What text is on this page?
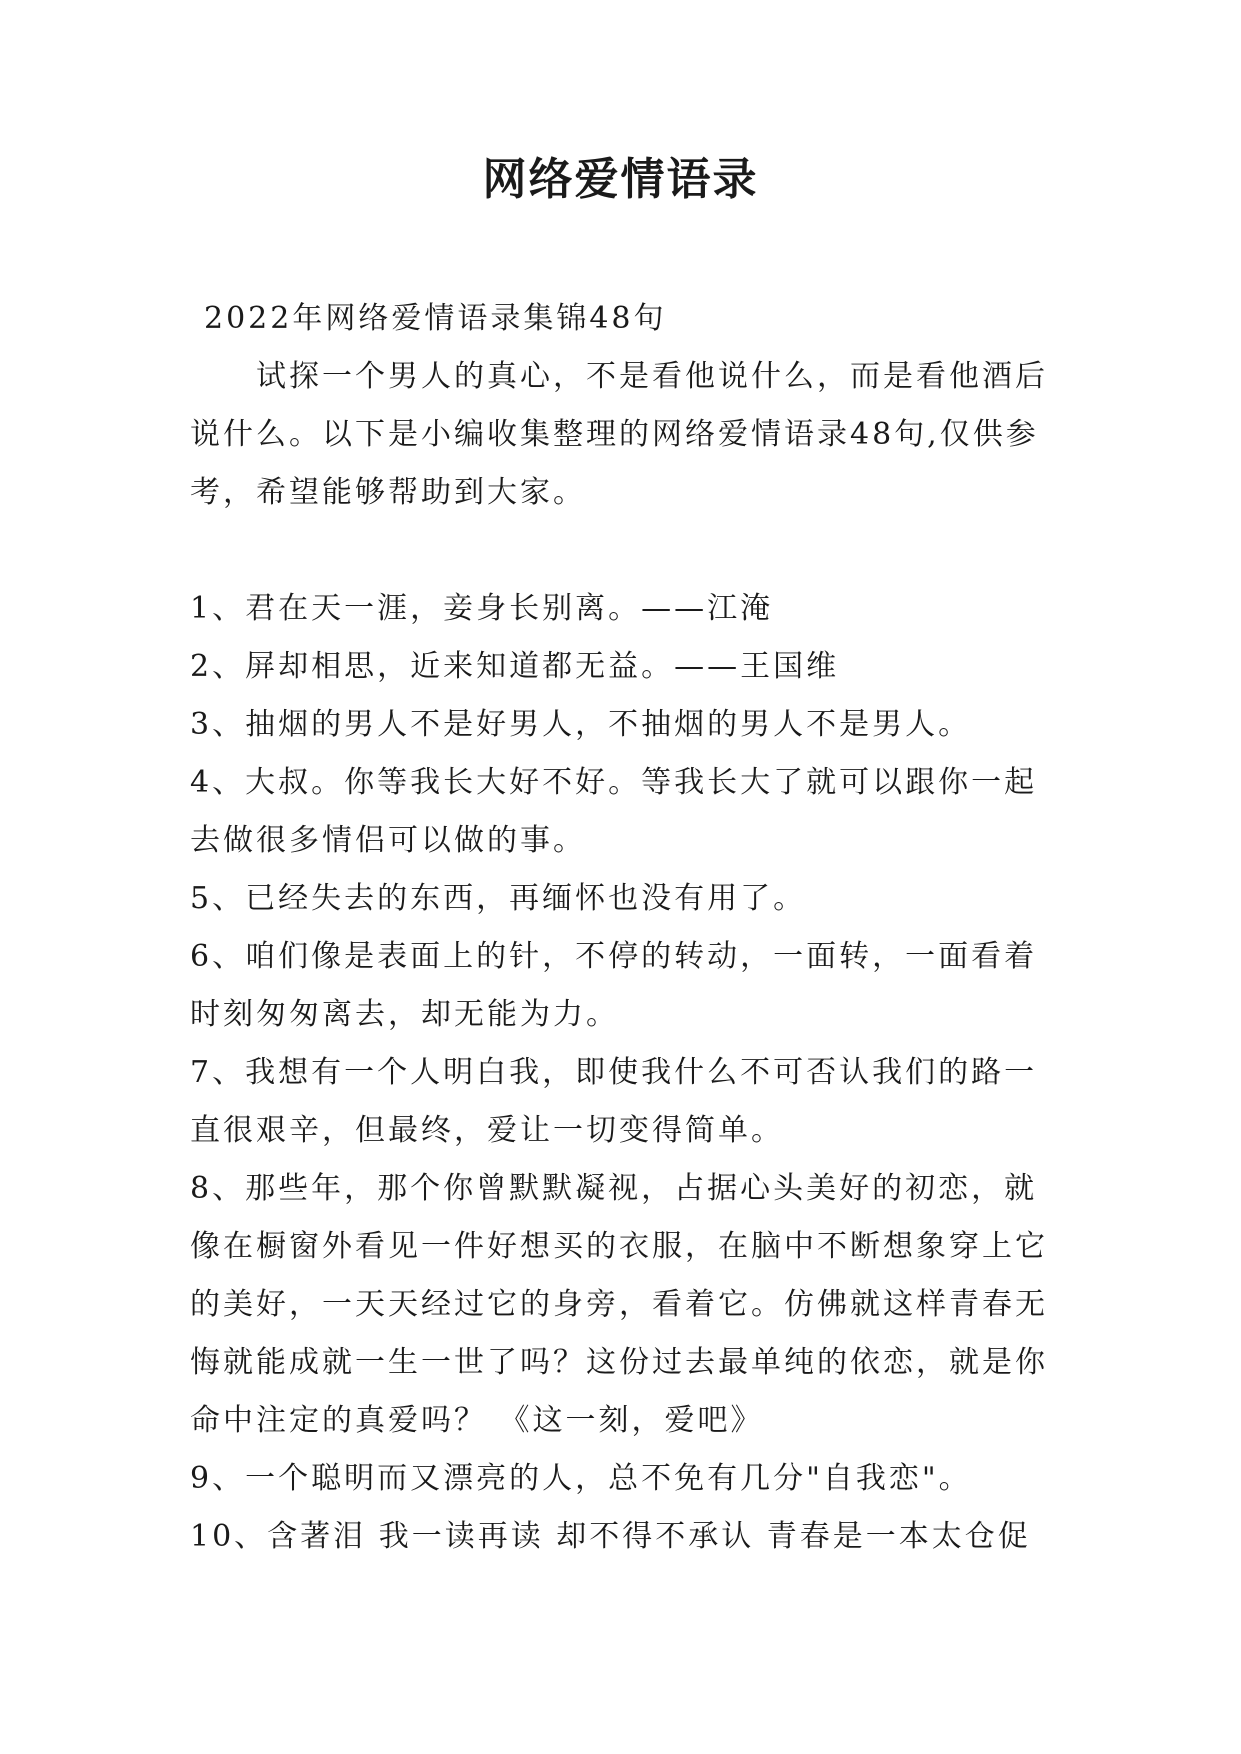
网络爱情语录
2022年网络爱情语录集锦48句
试探一个男人的真心，不是看他说什么，而是看他酒后
说什么。以下是小编收集整理的网络爱情语录48句,仅供参
考，希望能够帮助到大家。
1、君在天一涯，妾身长别离。——江淹
2、屏却相思，近来知道都无益。——王国维
3、抽烟的男人不是好男人，不抽烟的男人不是男人。
4、大叔。你等我长大好不好。等我长大了就可以跟你一起
去做很多情侣可以做的事。
5、已经失去的东西，再缅怀也没有用了。
6、咱们像是表面上的针，不停的转动，一面转，一面看着
时刻匆匆离去，却无能为力。
7、我想有一个人明白我，即使我什么不可否认我们的路一
直很艰辛，但最终，爱让一切变得简单。
8、那些年，那个你曾默默凝视，占据心头美好的初恋，就
像在橱窗外看见一件好想买的衣服，在脑中不断想象穿上它
的美好，一天天经过它的身旁，看着它。仿佛就这样青春无
悔就能成就一生一世了吗？这份过去最单纯的依恋，就是你
命中注定的真爱吗？ 《这一刻，爱吧》
9、一个聪明而又漂亮的人，总不免有几分"自我恋"。
10、含著泪 我一读再读 却不得不承认 青春是一本太仓促
